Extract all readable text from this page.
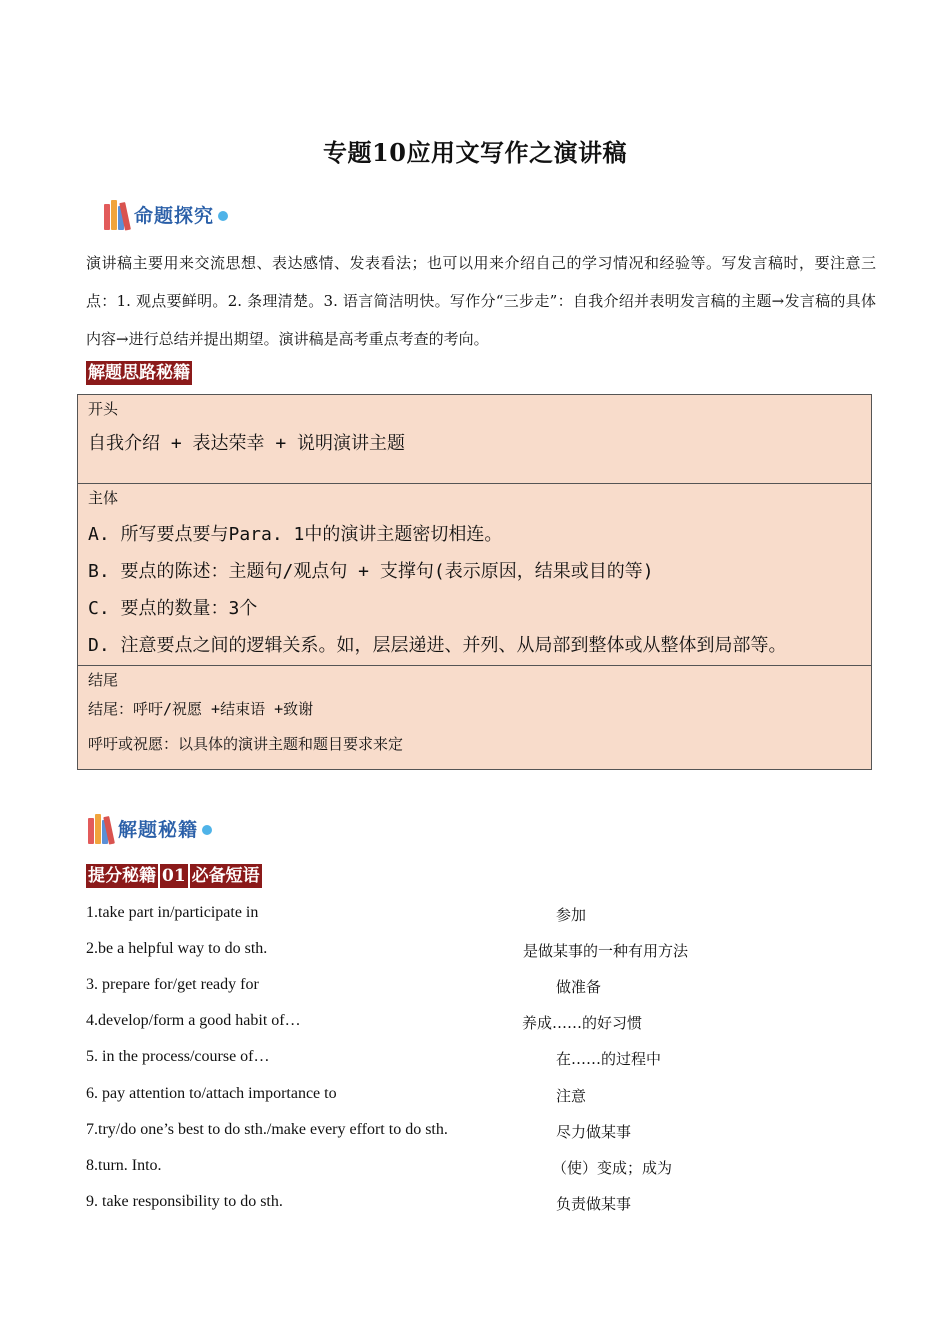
专题10应用文写作之演讲稿
命题探究
演讲稿主要用来交流思想、表达感情、发表看法；也可以用来介绍自己的学习情况和经验等。写发言稿时，要注意三点：1. 观点要鲜明。2. 条理清楚。3. 语言简洁明快。写作分“三步走”：自我介绍并表明发言稿的主题→发言稿的具体内容→进行总结并提出期望。演讲稿是高考重点考查的考向。
解题思路秘籍
开头
自我介绍 + 表达荣幸 + 说明演讲主题
主体
A. 所写要点要与Para. 1中的演讲主题密切相连。
B. 要点的陈述：主题句/观点句 + 支撑句(表示原因，结果或目的等)
C. 要点的数量：3个
D. 注意要点之间的逻辑关系。如，层层递进、并列、从局部到整体或从整体到局部等。
结尾
结尾：呼吁/祝愿 +结束语 +致谢
呼吁或祝愿：以具体的演讲主题和题目要求来定
解题秘籍
提分秘籍 01 必备短语
1.take part in/participate in	参加
2.be a helpful way to do sth.	是做某事的一种有用方法
3. prepare for/get ready for	做准备
4.develop/form a good habit of…	养成……的好习惯
5. in the process/course of…	在……的过程中
6. pay attention to/attach importance to	注意
7.try/do one’s best to do sth./make every effort to do sth.	尽力做某事
8.turn. Into.	（使）变成；成为
9. take responsibility to do sth.	负责做某事
